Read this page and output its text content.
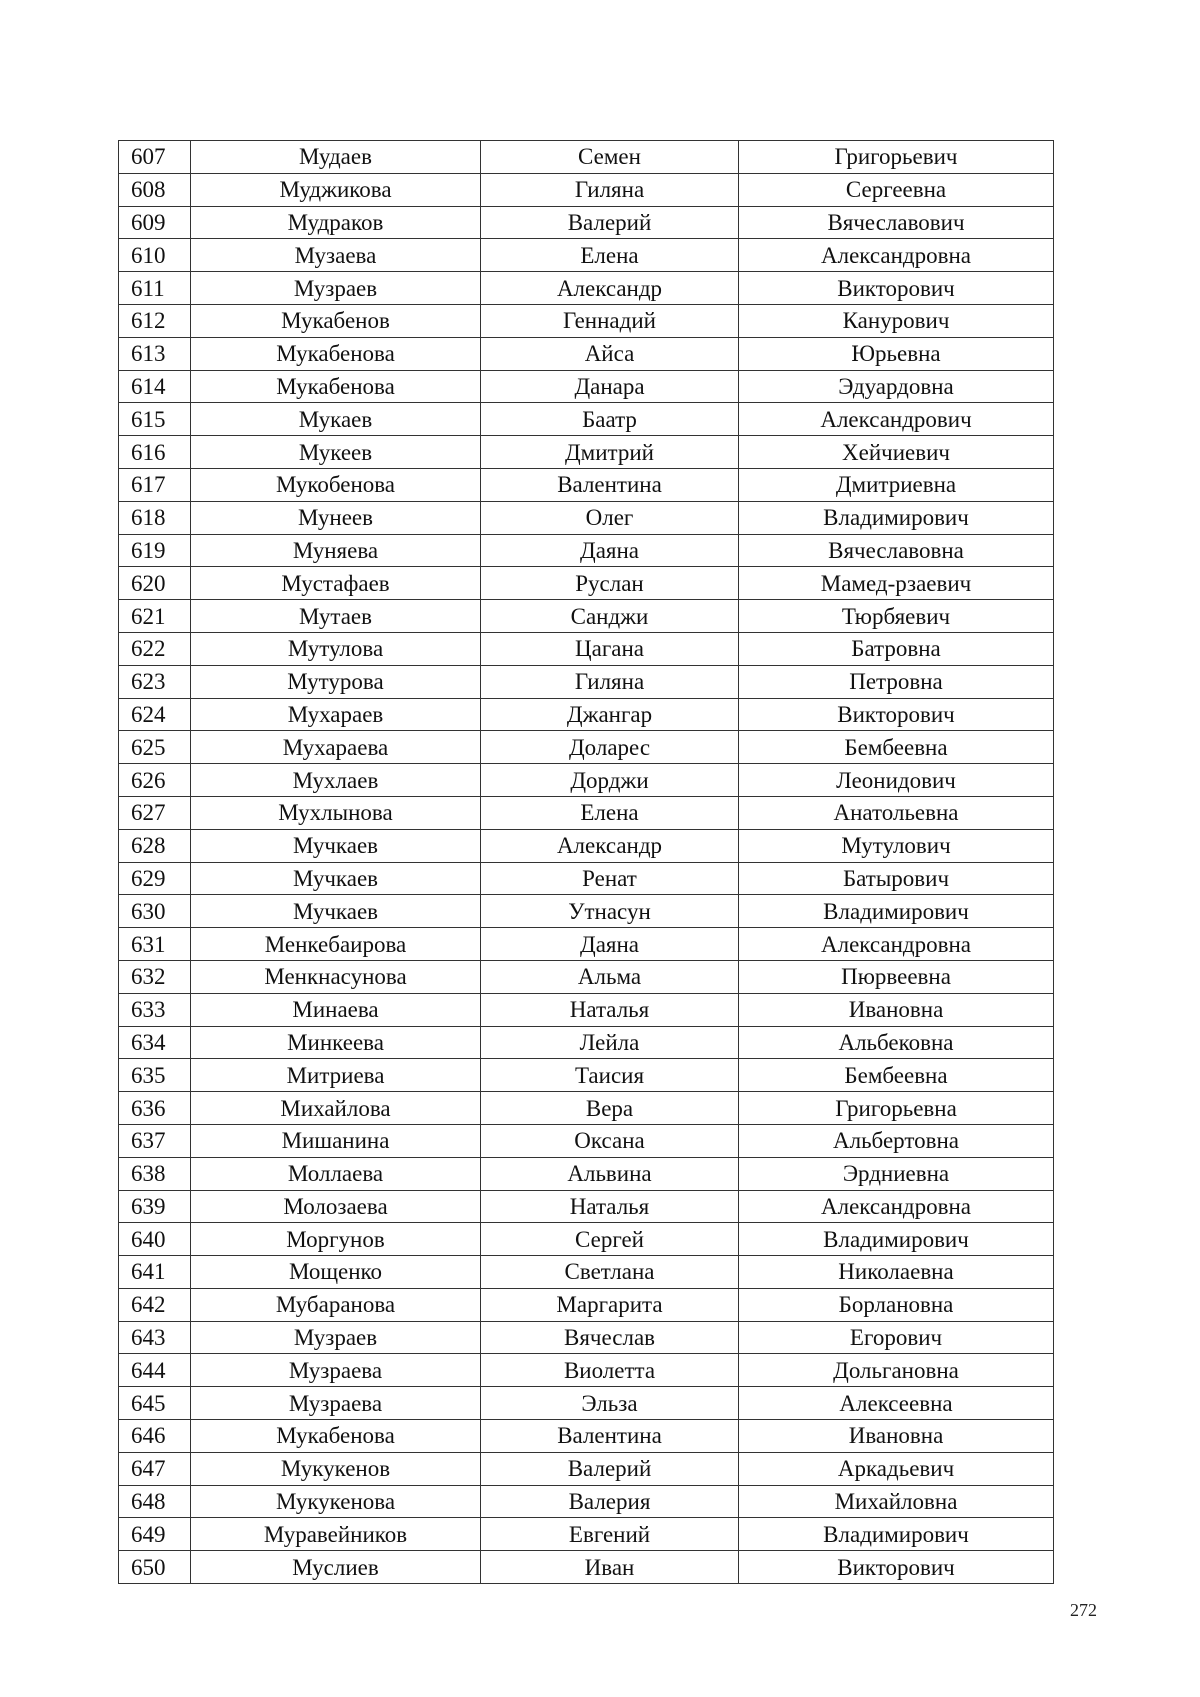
607	Мудаев	Семен	Григорьевич
608	Муджикова	Гиляна	Сергеевна
609	Мудраков	Валерий	Вячеславович
610	Музаева	Елена	Александровна
611	Музраев	Александр	Викторович
612	Мукабенов	Геннадий	Канурович
613	Мукабенова	Айса	Юрьевна
614	Мукабенова	Данара	Эдуардовна
615	Мукаев	Баатр	Александрович
616	Мукеев	Дмитрий	Хейчиевич
617	Мукобенова	Валентина	Дмитриевна
618	Мунеев	Олег	Владимирович
619	Муняева	Даяна	Вячеславовна
620	Мустафаев	Руслан	Мамед-рзаевич
621	Мутаев	Санджи	Тюрбяевич
622	Мутулова	Цагана	Батровна
623	Мутурова	Гиляна	Петровна
624	Мухараев	Джангар	Викторович
625	Мухараева	Доларес	Бембеевна
626	Мухлаев	Дорджи	Леонидович
627	Мухлынова	Елена	Анатольевна
628	Мучкаев	Александр	Мутулович
629	Мучкаев	Ренат	Батырович
630	Мучкаев	Утнасун	Владимирович
631	Менкебаирова	Даяна	Александровна
632	Менкнасунова	Альма	Пюрвеевна
633	Минаева	Наталья	Ивановна
634	Минкеева	Лейла	Альбековна
635	Митриева	Таисия	Бембеевна
636	Михайлова	Вера	Григорьевна
637	Мишанина	Оксана	Альбертовна
638	Моллаева	Альвина	Эрдниевна
639	Молозаева	Наталья	Александровна
640	Моргунов	Сергей	Владимирович
641	Мощенко	Светлана	Николаевна
642	Мубаранова	Маргарита	Борлановна
643	Музраев	Вячеслав	Егорович
644	Музраева	Виолетта	Дольгановна
645	Музраева	Эльза	Алексеевна
646	Мукабенова	Валентина	Ивановна
647	Мукукенов	Валерий	Аркадьевич
648	Мукукенова	Валерия	Михайловна
649	Муравейников	Евгений	Владимирович
650	Муслиев	Иван	Викторович
272
